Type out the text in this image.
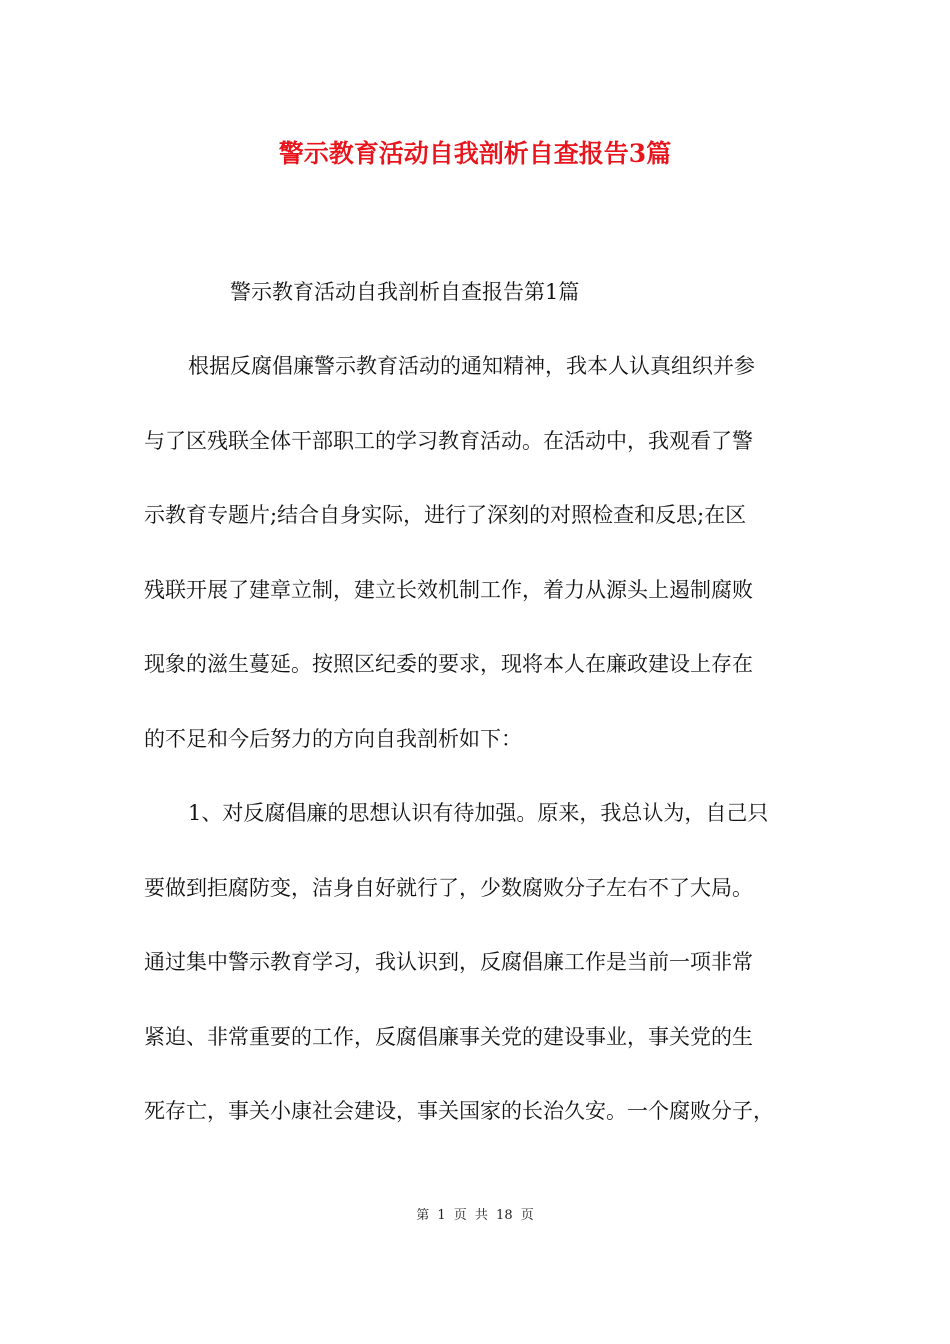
警示教育活动自我剖析自查报告3篇
警示教育活动自我剖析自查报告第1篇
根据反腐倡廉警示教育活动的通知精神，我本人认真组织并参
与了区残联全体干部职工的学习教育活动。在活动中，我观看了警
示教育专题片;结合自身实际，进行了深刻的对照检查和反思;在区
残联开展了建章立制，建立长效机制工作，着力从源头上遏制腐败
现象的滋生蔓延。按照区纪委的要求，现将本人在廉政建设上存在
的不足和今后努力的方向自我剖析如下：
1、对反腐倡廉的思想认识有待加强。原来，我总认为，自己只
要做到拒腐防变，洁身自好就行了，少数腐败分子左右不了大局。
通过集中警示教育学习，我认识到，反腐倡廉工作是当前一项非常
紧迫、非常重要的工作，反腐倡廉事关党的建设事业，事关党的生
死存亡，事关小康社会建设，事关国家的长治久安。一个腐败分子，
第 1 页 共 18 页
